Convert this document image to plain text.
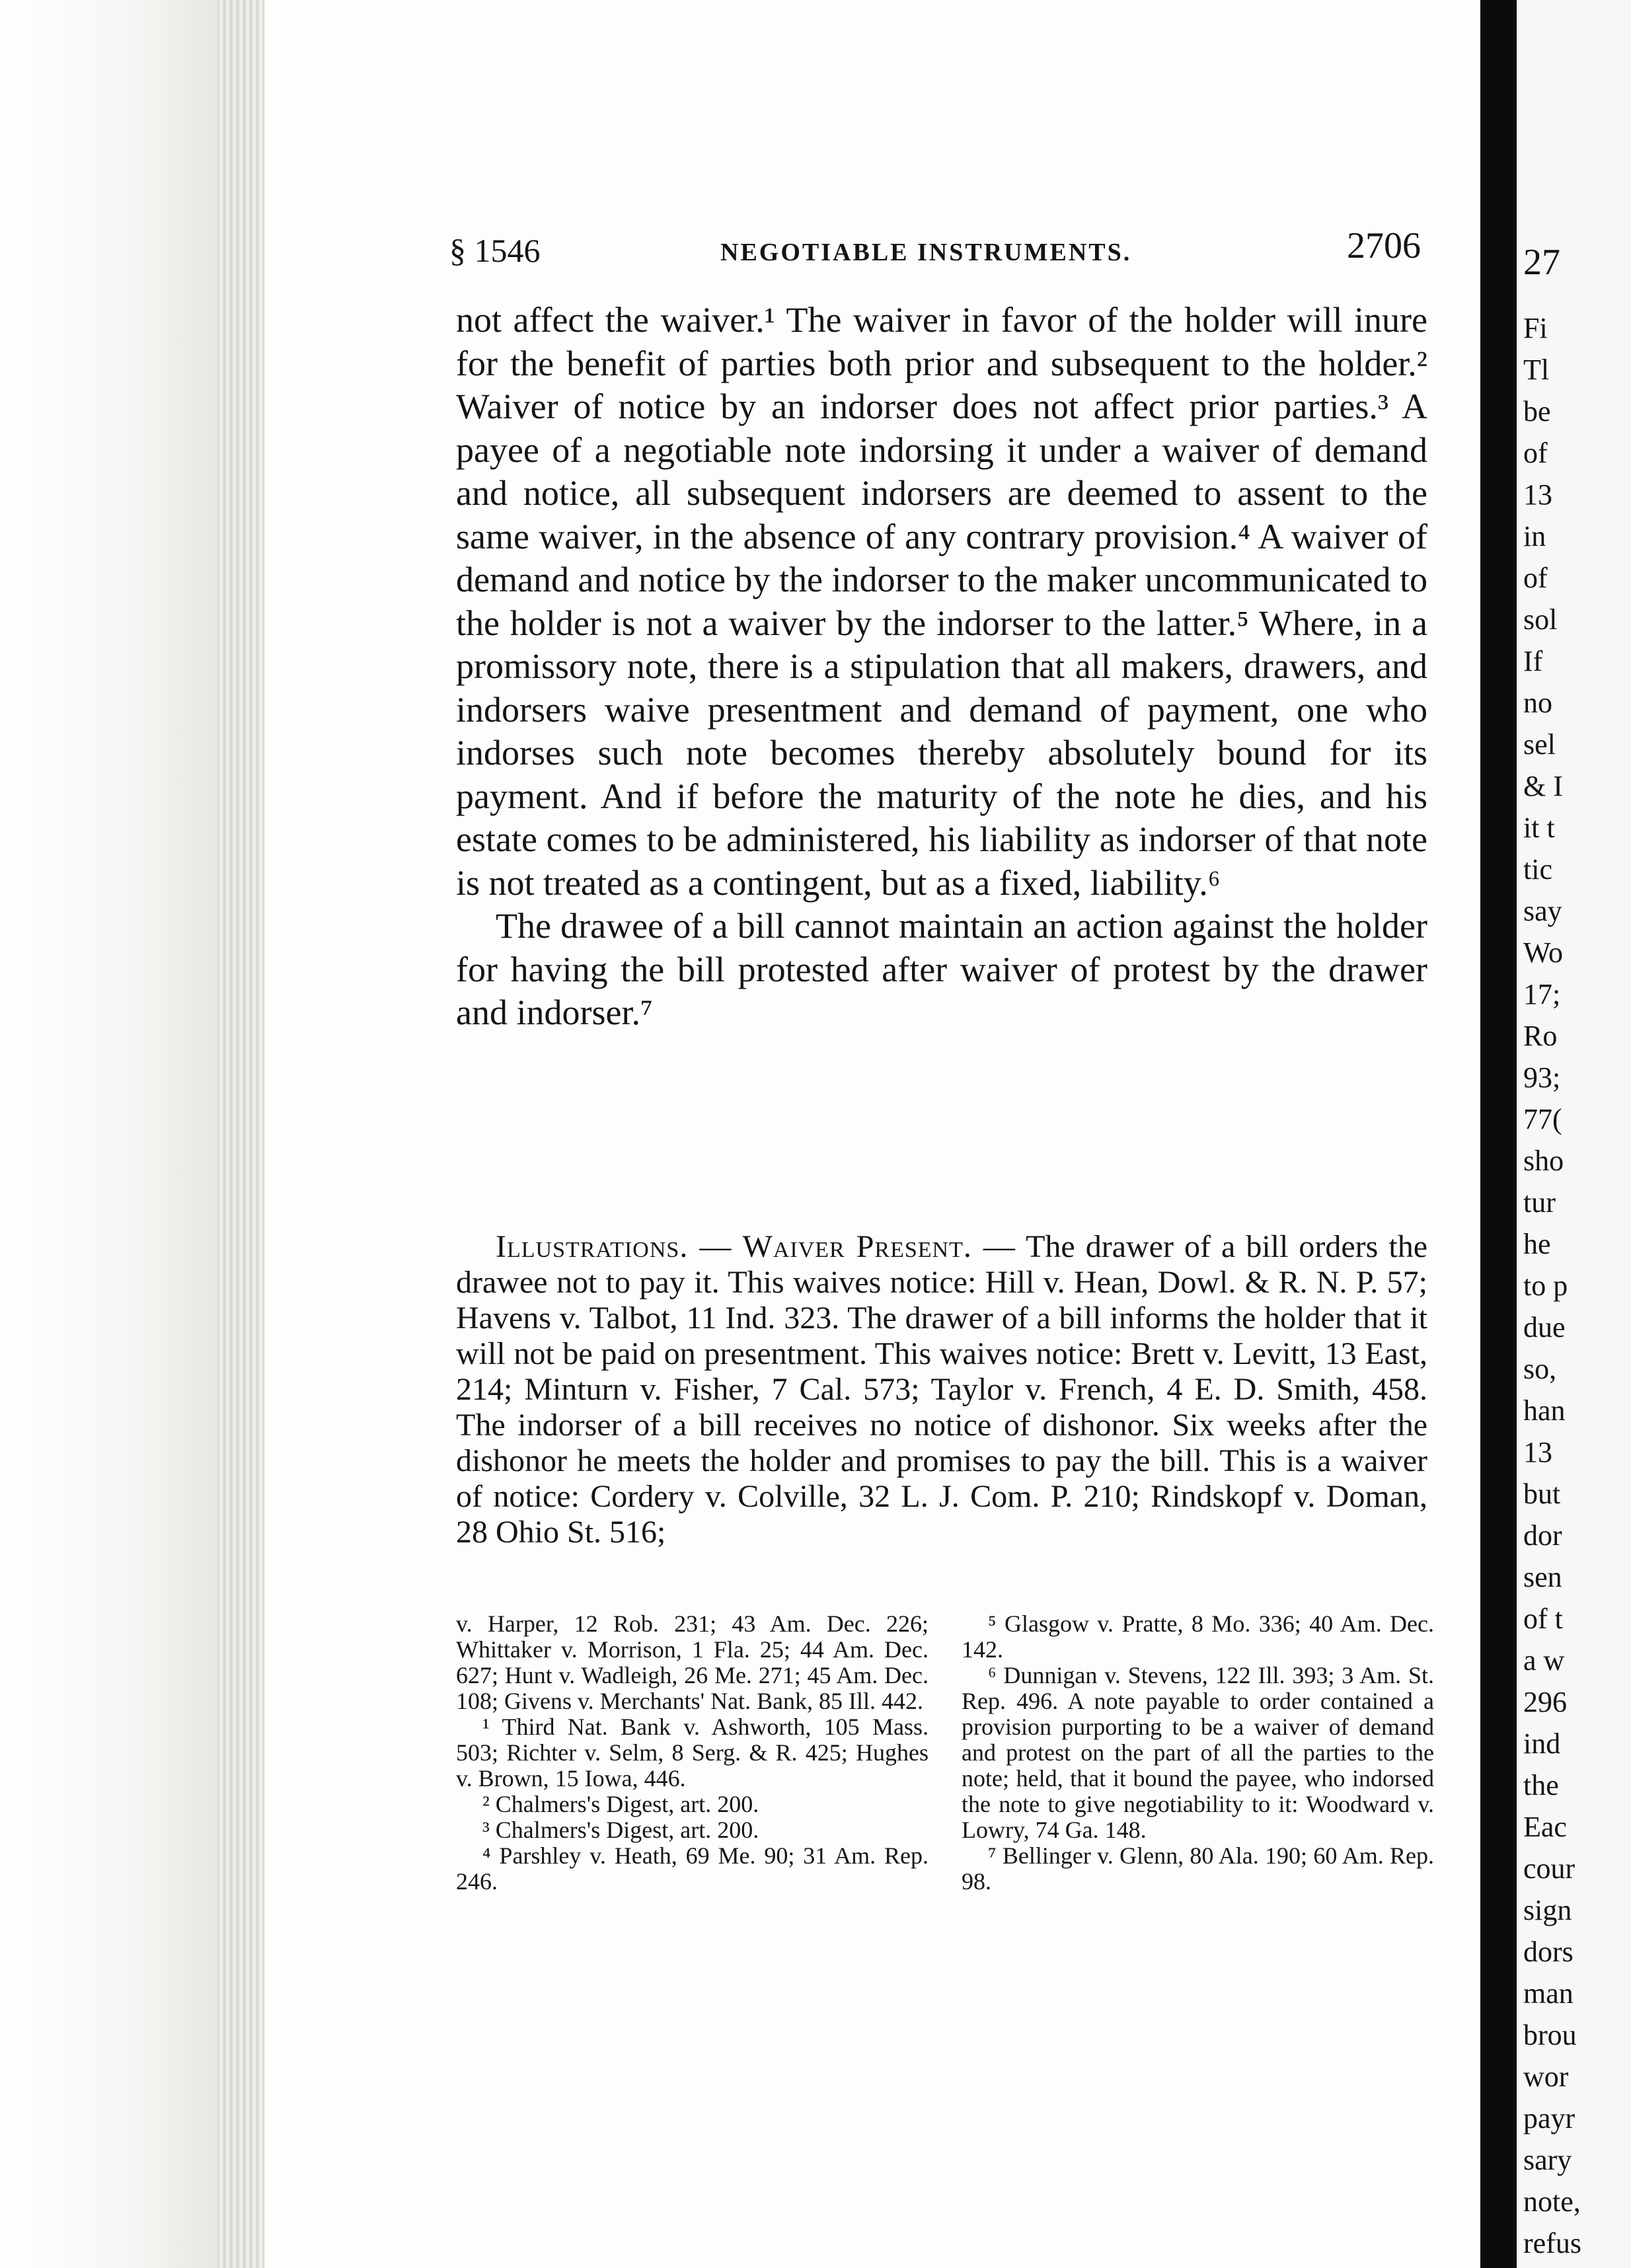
§ 1546	NEGOTIABLE INSTRUMENTS.	2706

not affect the waiver.¹ The waiver in favor of the holder will inure for the benefit of parties both prior and subsequent to the holder.² Waiver of notice by an indorser does not affect prior parties.³ A payee of a negotiable note indorsing it under a waiver of demand and notice, all subsequent indorsers are deemed to assent to the same waiver, in the absence of any contrary provision.⁴ A waiver of demand and notice by the indorser to the maker uncommunicated to the holder is not a waiver by the indorser to the latter.⁵ Where, in a promissory note, there is a stipulation that all makers, drawers, and indorsers waive presentment and demand of payment, one who indorses such note becomes thereby absolutely bound for its payment. And if before the maturity of the note he dies, and his estate comes to be administered, his liability as indorser of that note is not treated as a contingent, but as a fixed, liability.⁶

The drawee of a bill cannot maintain an action against the holder for having the bill protested after waiver of protest by the drawer and indorser.⁷

Illustrations. — Waiver Present. — The drawer of a bill orders the drawee not to pay it. This waives notice: Hill v. Hean, Dowl. & R. N. P. 57; Havens v. Talbot, 11 Ind. 323. The drawer of a bill informs the holder that it will not be paid on presentment. This waives notice: Brett v. Levitt, 13 East, 214; Minturn v. Fisher, 7 Cal. 573; Taylor v. French, 4 E. D. Smith, 458. The indorser of a bill receives no notice of dishonor. Six weeks after the dishonor he meets the holder and promises to pay the bill. This is a waiver of notice: Cordery v. Colville, 32 L. J. Com. P. 210; Rindskopf v. Doman, 28 Ohio St. 516;
v. Harper, 12 Rob. 231; 43 Am. Dec. 226; Whittaker v. Morrison, 1 Fla. 25; 44 Am. Dec. 627; Hunt v. Wadleigh, 26 Me. 271; 45 Am. Dec. 108; Givens v. Merchants' Nat. Bank, 85 Ill. 442.
¹ Third Nat. Bank v. Ashworth, 105 Mass. 503; Richter v. Selm, 8 Serg. & R. 425; Hughes v. Brown, 15 Iowa, 446.
² Chalmers's Digest, art. 200.
³ Chalmers's Digest, art. 200.
⁴ Parshley v. Heath, 69 Me. 90; 31 Am. Rep. 246.
⁵ Glasgow v. Pratte, 8 Mo. 336; 40 Am. Dec. 142.
⁶ Dunnigan v. Stevens, 122 Ill. 393; 3 Am. St. Rep. 496. A note payable to order contained a provision purporting to be a waiver of demand and protest on the part of all the parties to the note; held, that it bound the payee, who indorsed the note to give negotiability to it: Woodward v. Lowry, 74 Ga. 148.
⁷ Bellinger v. Glenn, 80 Ala. 190; 60 Am. Rep. 98.
27
Fi
Tl
be
of
13
in
of
sol
If
no
sel
& I
it t
tic
say
Wo
17;
Ro
93;
77(
sho
tur
he
to p
due
so,
han
13
but
dor
sen
of t
a w
296
ind
the
Eac
cour
sign
dors
man
brou
wor
payr
sary
note,
refus
